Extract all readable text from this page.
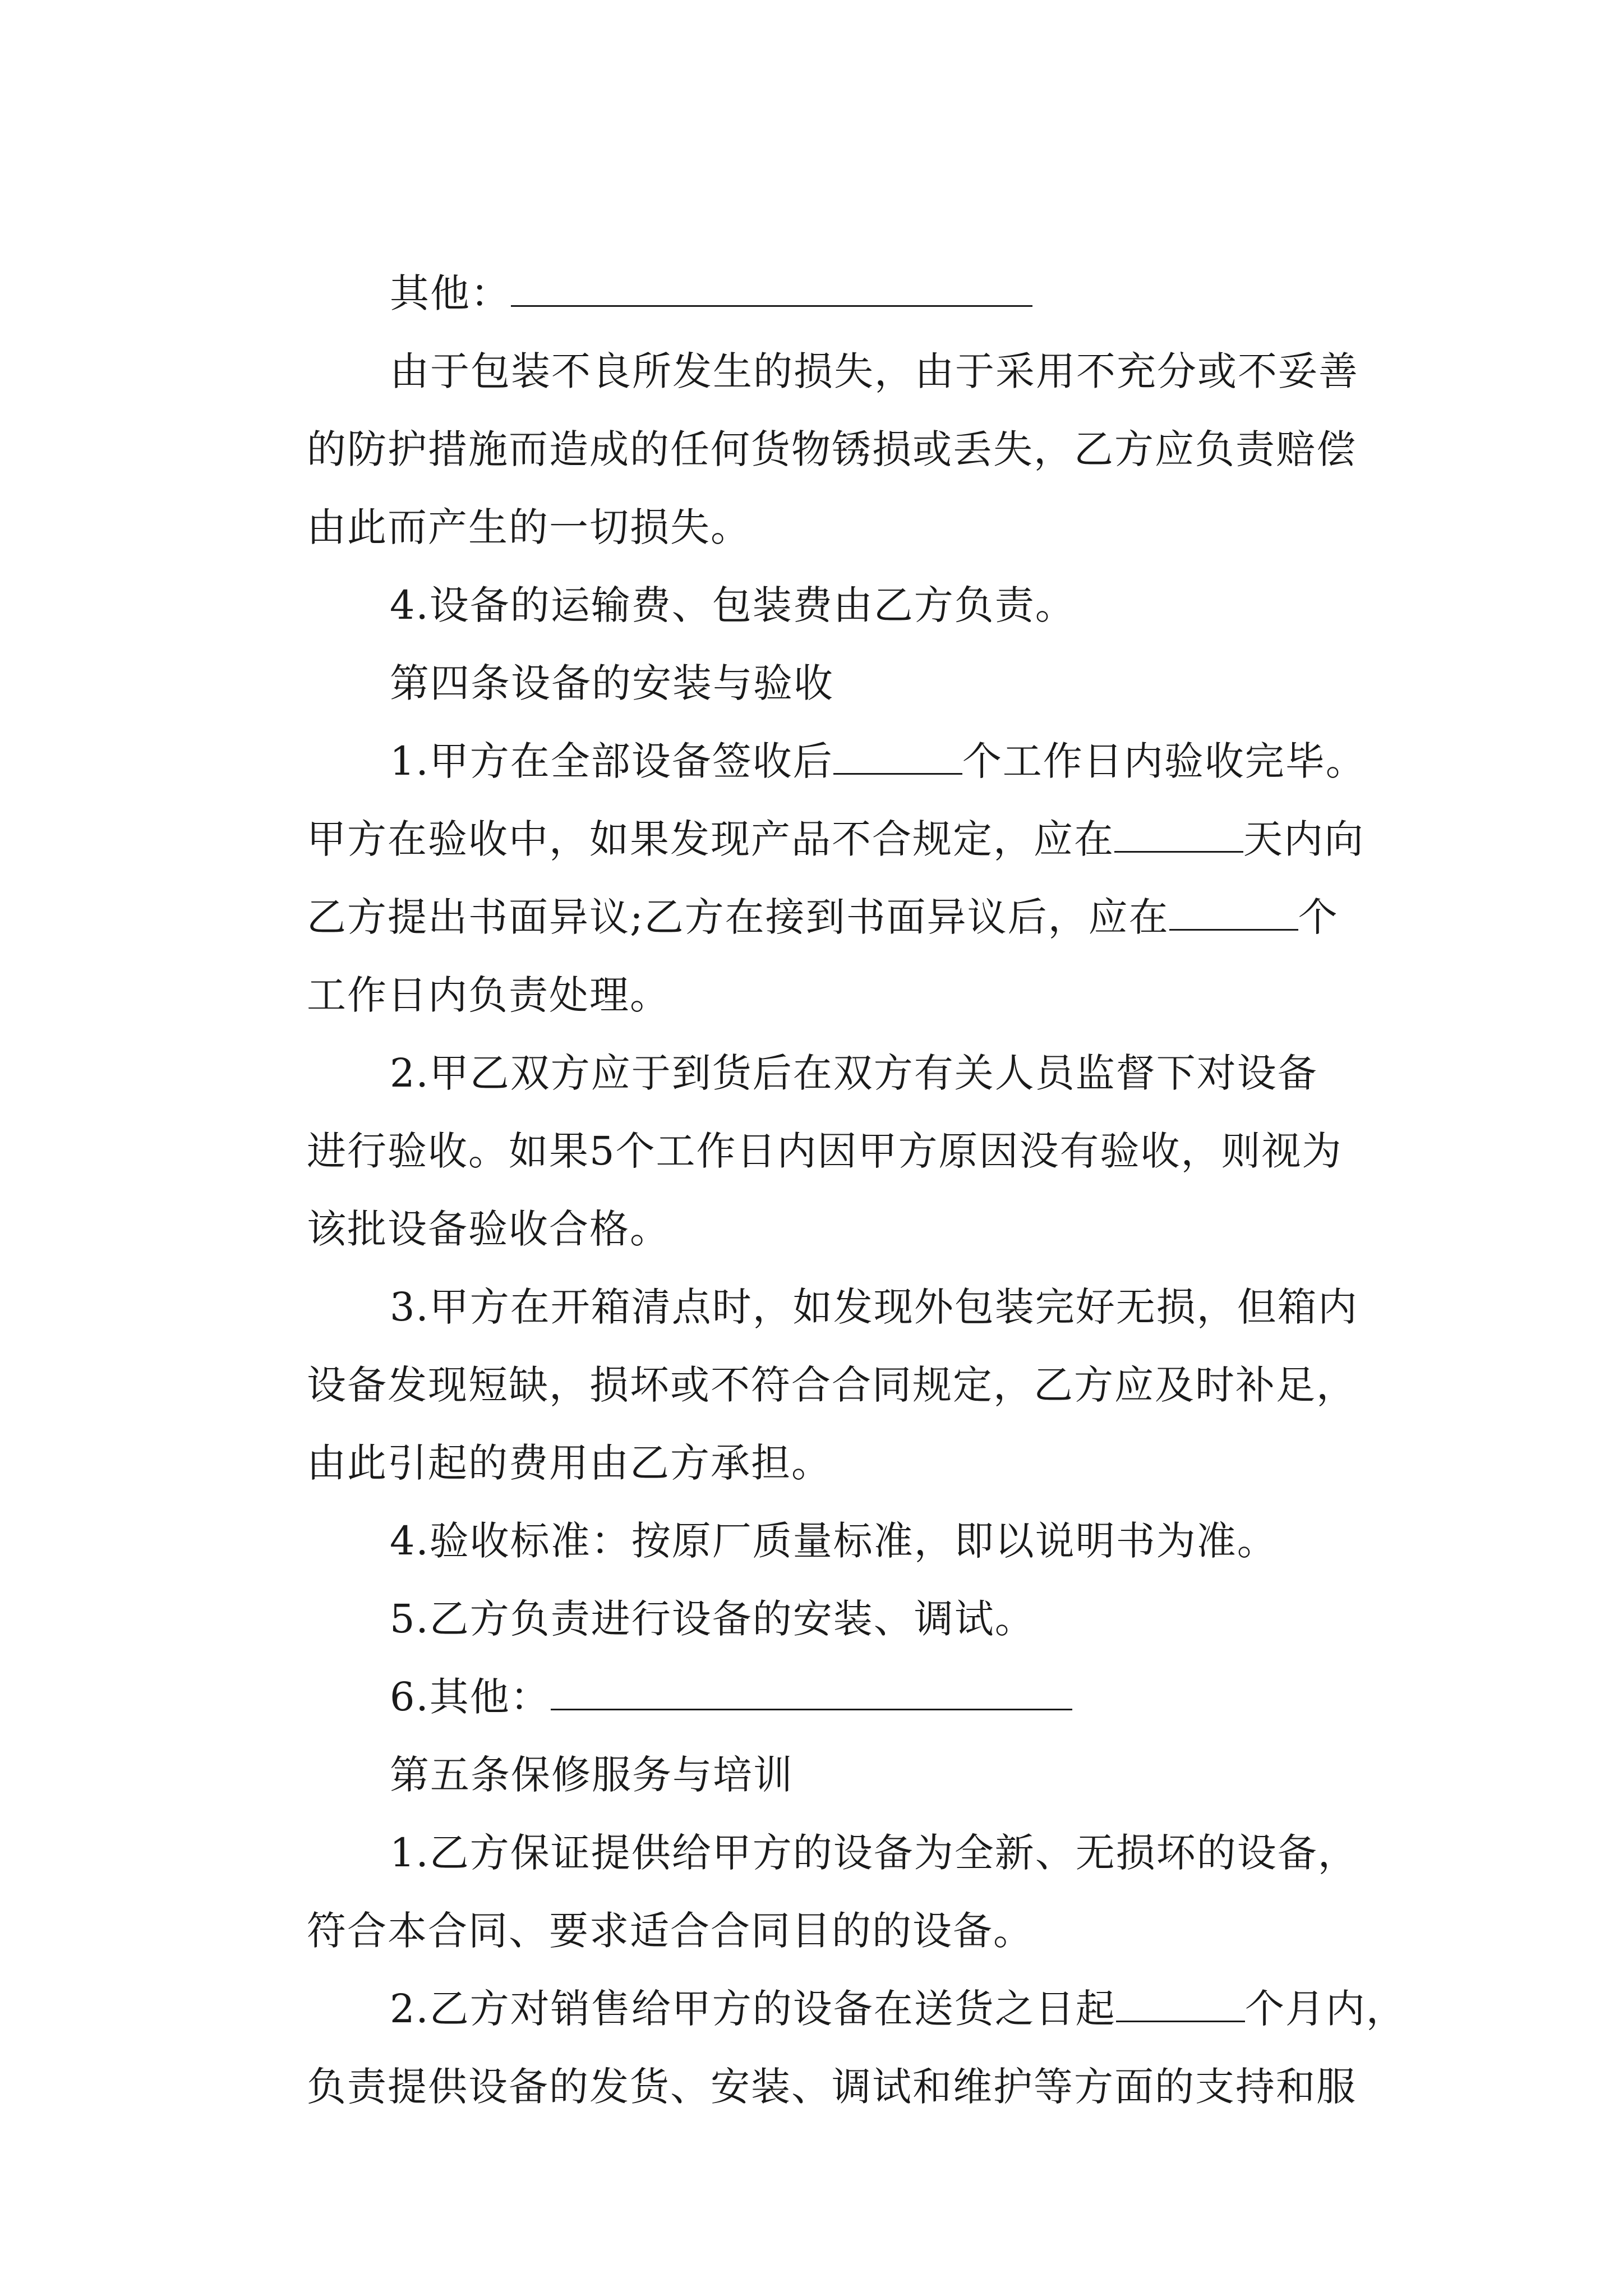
其他：

由于包装不良所发生的损失，由于采用不充分或不妥善

的防护措施而造成的任何货物锈损或丢失，乙方应负责赔偿

由此而产生的一切损失。

4.设备的运输费、包装费由乙方负责。

第四条设备的安装与验收

1.甲方在全部设备签收后	个工作日内验收完毕。

甲方在验收中，如果发现产品不合规定，应在	天内向

乙方提出书面异议;乙方在接到书面异议后，应在	个

工作日内负责处理。

2.甲乙双方应于到货后在双方有关人员监督下对设备

进行验收。如果5个工作日内因甲方原因没有验收，则视为

该批设备验收合格。

3.甲方在开箱清点时，如发现外包装完好无损，但箱内

设备发现短缺，损坏或不符合合同规定，乙方应及时补足，

由此引起的费用由乙方承担。

4.验收标准：按原厂质量标准，即以说明书为准。

5.乙方负责进行设备的安装、调试。

6.其他：

第五条保修服务与培训

1.乙方保证提供给甲方的设备为全新、无损坏的设备，

符合本合同、要求适合合同目的的设备。

2.乙方对销售给甲方的设备在送货之日起	个月内，

负责提供设备的发货、安装、调试和维护等方面的支持和服
